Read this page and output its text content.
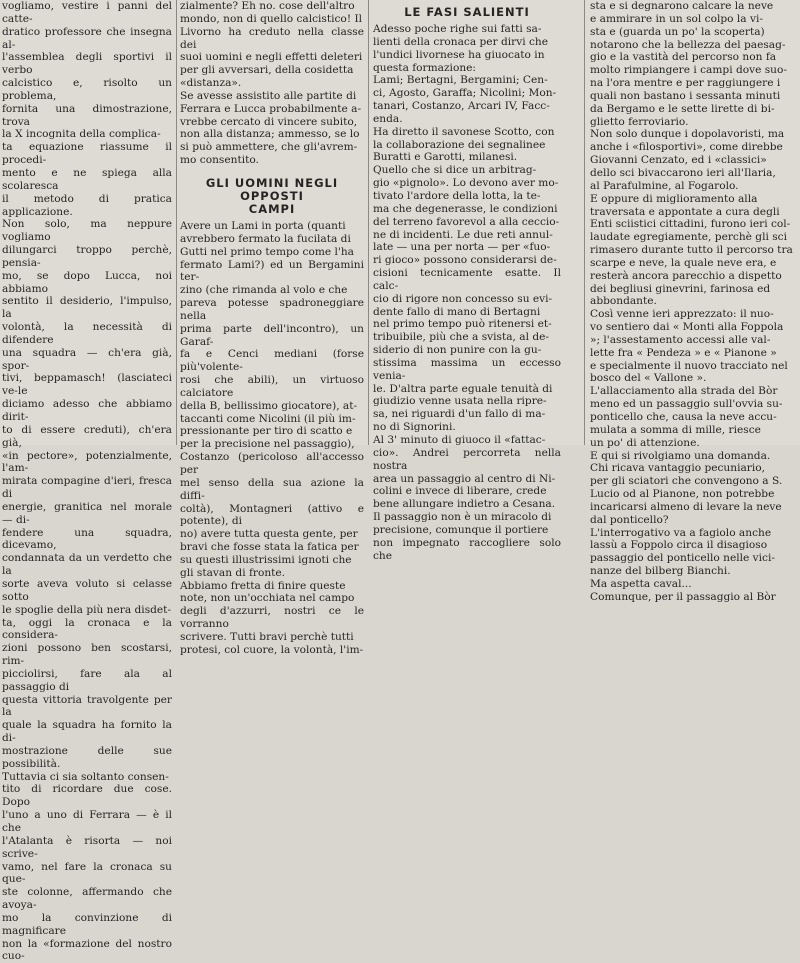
vogliamo, vestire i panni del catte-

dratico professore che insegna al-

l'assemblea degli sportivi il verbo

calcistico e, risolto un problema,

fornita una dimostrazione, trova

la X incognita della complica-

ta equazione riassume il procedi-

mento e ne spiega alla scolaresca

il metodo di pratica applicazione.

Non solo, ma neppure vogliamo

dilungarci troppo perchè, pensia-

mo, se dopo Lucca, noi abbiamo

sentito il desiderio, l'impulso, la

volontà, la necessità di difendere

una squadra — ch'era già, spor-

tivi, beppamasch! (lasciateci ve-le

diciamo adesso che abbiamo dirit-

to di essere creduti), ch'era già,

«in pectore», potenzialmente, l'am-

mirata compagine d'ieri, fresca di

energie, granitica nel morale — di-

fendere una squadra, dicevamo,

condannata da un verdetto che la

sorte aveva voluto si celasse sotto

le spoglie della più nera disdet-

ta, oggi la cronaca e la considera-

zioni possono ben scostarsi, rim-

picciolirsi, fare ala al passaggio di

questa vittoria travolgente per la

quale la squadra ha fornito la di-

mostrazione delle sue possibilità.

Tuttavia ci sia soltanto consen-

tito di ricordare due cose. Dopo

l'uno a uno di Ferrara — è il che

l'Atalanta è risorta — noi scrive-

vamo, nel fare la cronaca su que-

ste colonne, affermando che avoya-

mo la convinzione di magnificare

non la «formazione del nostro cuo-

zialmente? Eh no. cose dell'altro

mondo, non di quello calcistico! Il

Livorno ha creduto nella classe dei

suoi uomini e negli effetti deleteri

per gli avversari, della cosidetta

«distanza».

Se avesse assistito alle partite di

Ferrara e Lucca probabilmente a-

vrebbe cercato di vincere subito,

non alla distanza; ammesso, se lo

si può ammettere, che gli'avrem-

mo consentito.

GLI UOMINI NEGLI OPPOSTI
CAMPI

Avere un Lami in porta (quanti

avrebbero fermato la fucilata di

Gutti nel primo tempo come l'ha

fermato Lami?) ed un Bergamini ter-

zino (che rimanda al volo e che

pareva potesse spadroneggiare nella

prima parte dell'incontro), un Garaf-

fa e Cenci mediani (forse più'volente-

rosi che abili), un virtuoso calciatore

della B, bellissimo giocatore), at-

taccanti come Nicolini (il più im-

pressionante per tiro di scatto e

per la precisione nel passaggio),

Costanzo (pericoloso all'accesso per

mel senso della sua azione la diffi-

coltà), Montagneri (attivo e potente), di

no) avere tutta questa gente, per

bravi che fosse stata la fatica per

su questi illustrissimi ignoti che

gli stavan di fronte.

Abbiamo fretta di finire queste

note, non un'occhiata nel campo

degli d'azzurri, nostri ce le vorranno

scrivere. Tutti bravi perchè tutti

protesi, col cuore, la volontà, l'im-

LE FASI SALIENTI

Adesso poche righe sui fatti sa-

lienti della cronaca per dirvi che

l'undici livornese ha giuocato in

questa formazione:

Lami; Bertagni, Bergamini; Cen-

ci, Agosto, Garaffa; Nicolini; Mon-

tanari, Costanzo, Arcari IV, Facc-

enda.

Ha diretto il savonese Scotto, con

la collaborazione dei segnalinee

Buratti e Garotti, milanesi.

Quello che si dice un arbitrag-

gio «pignolo». Lo devono aver mo-

tivato l'ardore della lotta, la te-

ma che degenerasse, le condizioni

del terreno favorevol a alla ceccio-

ne di incidenti. Le due reti annul-

late — una per norta — per «fuo-

ri gioco» possono considerarsi de-

cisioni tecnicamente esatte. Il calc-

cio di rigore non concesso su evi-

dente fallo di mano di Bertagni

nel primo tempo può ritenersi et-

tribuibile, più che a svista, al de-

siderio di non punire con la gu-

stissima massima un eccesso venia-

le. D'altra parte eguale tenuità di

giudizio venne usata nella ripre-

sa, nei riguardi d'un fallo di ma-

no di Signorini.

Al 3' minuto di giuoco il «fattac-

cio». Andrei percorreta nella nostra

area un passaggio al centro di Ni-

colini e invece di liberare, crede

bene allungare indietro a Cesana.

Il passaggio non è un miracolo di

precisione, comunque il portiere

non impegnato raccogliere solo che

sta e si degnarono calcare la neve

e ammirare in un sol colpo la vi-

sta e (guarda un po' la scoperta)

notarono che la bellezza del paesag-

gio e la vastità del percorso non fa

molto rimpiangere i campi dove suo-

na l'ora mentre e per raggiungere i

quali non bastano i sessanta minuti

da Bergamo e le sette lirette di bi-

glietto ferroviario.

Non solo dunque i dopolavoristi, ma

anche i «filosportivi», come direbbe

Giovanni Cenzato, ed i «classici»

dello sci bivaccarono ieri all'Ilaria,

al Parafulmine, al Fogarolo.

E oppure di miglioramento alla

traversata e appontate a cura degli

Enti sciistici cittadini, furono ieri col-

laudate egregiamente, perchè gli sci

rimasero durante tutto il percorso tra

scarpe e neve, la quale neve era, e

resterà ancora parecchio a dispetto

dei begliusi ginevrini, farinosa ed

abbondante.

Così venne ieri apprezzato: il nuo-

vo sentiero dai « Monti alla Foppola

»; l'assestamento accessi alle val-

lette fra « Pendeza » e « Pianone »

e specialmente il nuovo tracciato nel

bosco del « Vallone ».

L'allacciamento alla strada del Bòr

meno ed un passaggio sull'ovvia su-

ponticello che, causa la neve accu-

mulata a somma di mille, riesce

un po' di attenzione.

E qui si rivolgiamo una domanda.

Chi ricava vantaggio pecuniario,

per gli sciatori che convengono a S.

Lucio od al Pianone, non potrebbe

incaricarsi almeno di levare la neve

dal ponticello?

L'interrogativo va a fagiolo anche

lassù a Foppolo circa il disagioso

passaggio del ponticello nelle vici-

nanze del bilberg Bianchi.

Ma aspetta caval...

Comunque, per il passaggio al Bòr
